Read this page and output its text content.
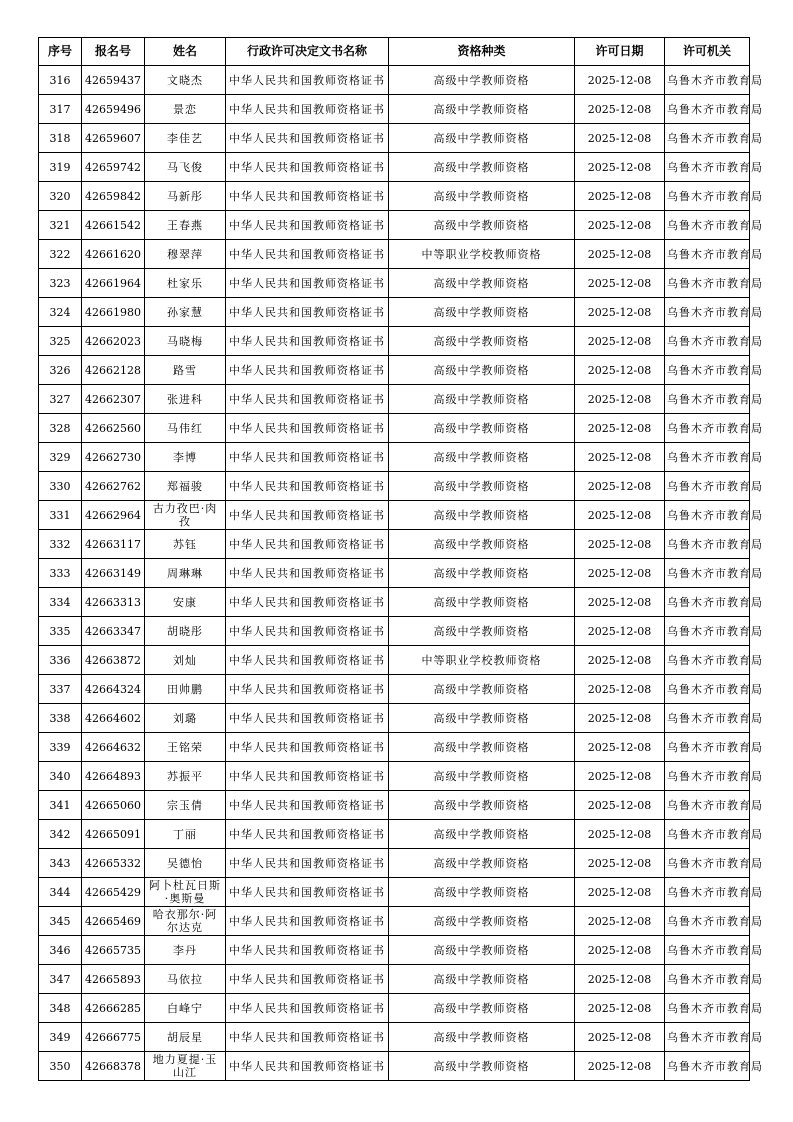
序号	报名号	姓名	行政许可决定文书名称	资格种类	许可日期	许可机关
316	42659437	文晓杰	中华人民共和国教师资格证书	高级中学教师资格	2025-12-08	乌鲁木齐市教育局
317	42659496	景恋	中华人民共和国教师资格证书	高级中学教师资格	2025-12-08	乌鲁木齐市教育局
318	42659607	李佳艺	中华人民共和国教师资格证书	高级中学教师资格	2025-12-08	乌鲁木齐市教育局
319	42659742	马飞俊	中华人民共和国教师资格证书	高级中学教师资格	2025-12-08	乌鲁木齐市教育局
320	42659842	马新彤	中华人民共和国教师资格证书	高级中学教师资格	2025-12-08	乌鲁木齐市教育局
321	42661542	王春燕	中华人民共和国教师资格证书	高级中学教师资格	2025-12-08	乌鲁木齐市教育局
322	42661620	穆翠萍	中华人民共和国教师资格证书	中等职业学校教师资格	2025-12-08	乌鲁木齐市教育局
323	42661964	杜家乐	中华人民共和国教师资格证书	高级中学教师资格	2025-12-08	乌鲁木齐市教育局
324	42661980	孙家慧	中华人民共和国教师资格证书	高级中学教师资格	2025-12-08	乌鲁木齐市教育局
325	42662023	马晓梅	中华人民共和国教师资格证书	高级中学教师资格	2025-12-08	乌鲁木齐市教育局
326	42662128	路雪	中华人民共和国教师资格证书	高级中学教师资格	2025-12-08	乌鲁木齐市教育局
327	42662307	张进科	中华人民共和国教师资格证书	高级中学教师资格	2025-12-08	乌鲁木齐市教育局
328	42662560	马伟红	中华人民共和国教师资格证书	高级中学教师资格	2025-12-08	乌鲁木齐市教育局
329	42662730	李博	中华人民共和国教师资格证书	高级中学教师资格	2025-12-08	乌鲁木齐市教育局
330	42662762	郑福骏	中华人民共和国教师资格证书	高级中学教师资格	2025-12-08	乌鲁木齐市教育局
331	42662964	古力孜巴·肉孜	中华人民共和国教师资格证书	高级中学教师资格	2025-12-08	乌鲁木齐市教育局
332	42663117	苏钰	中华人民共和国教师资格证书	高级中学教师资格	2025-12-08	乌鲁木齐市教育局
333	42663149	周琳琳	中华人民共和国教师资格证书	高级中学教师资格	2025-12-08	乌鲁木齐市教育局
334	42663313	安康	中华人民共和国教师资格证书	高级中学教师资格	2025-12-08	乌鲁木齐市教育局
335	42663347	胡晓彤	中华人民共和国教师资格证书	高级中学教师资格	2025-12-08	乌鲁木齐市教育局
336	42663872	刘灿	中华人民共和国教师资格证书	中等职业学校教师资格	2025-12-08	乌鲁木齐市教育局
337	42664324	田帅鹏	中华人民共和国教师资格证书	高级中学教师资格	2025-12-08	乌鲁木齐市教育局
338	42664602	刘璐	中华人民共和国教师资格证书	高级中学教师资格	2025-12-08	乌鲁木齐市教育局
339	42664632	王铭荣	中华人民共和国教师资格证书	高级中学教师资格	2025-12-08	乌鲁木齐市教育局
340	42664893	苏振平	中华人民共和国教师资格证书	高级中学教师资格	2025-12-08	乌鲁木齐市教育局
341	42665060	宗玉倩	中华人民共和国教师资格证书	高级中学教师资格	2025-12-08	乌鲁木齐市教育局
342	42665091	丁丽	中华人民共和国教师资格证书	高级中学教师资格	2025-12-08	乌鲁木齐市教育局
343	42665332	吴德怡	中华人民共和国教师资格证书	高级中学教师资格	2025-12-08	乌鲁木齐市教育局
344	42665429	阿卜杜瓦日斯·奥斯曼	中华人民共和国教师资格证书	高级中学教师资格	2025-12-08	乌鲁木齐市教育局
345	42665469	哈衣那尔·阿尔达克	中华人民共和国教师资格证书	高级中学教师资格	2025-12-08	乌鲁木齐市教育局
346	42665735	李丹	中华人民共和国教师资格证书	高级中学教师资格	2025-12-08	乌鲁木齐市教育局
347	42665893	马依拉	中华人民共和国教师资格证书	高级中学教师资格	2025-12-08	乌鲁木齐市教育局
348	42666285	白峰宁	中华人民共和国教师资格证书	高级中学教师资格	2025-12-08	乌鲁木齐市教育局
349	42666775	胡辰星	中华人民共和国教师资格证书	高级中学教师资格	2025-12-08	乌鲁木齐市教育局
350	42668378	地力夏提·玉山江	中华人民共和国教师资格证书	高级中学教师资格	2025-12-08	乌鲁木齐市教育局
